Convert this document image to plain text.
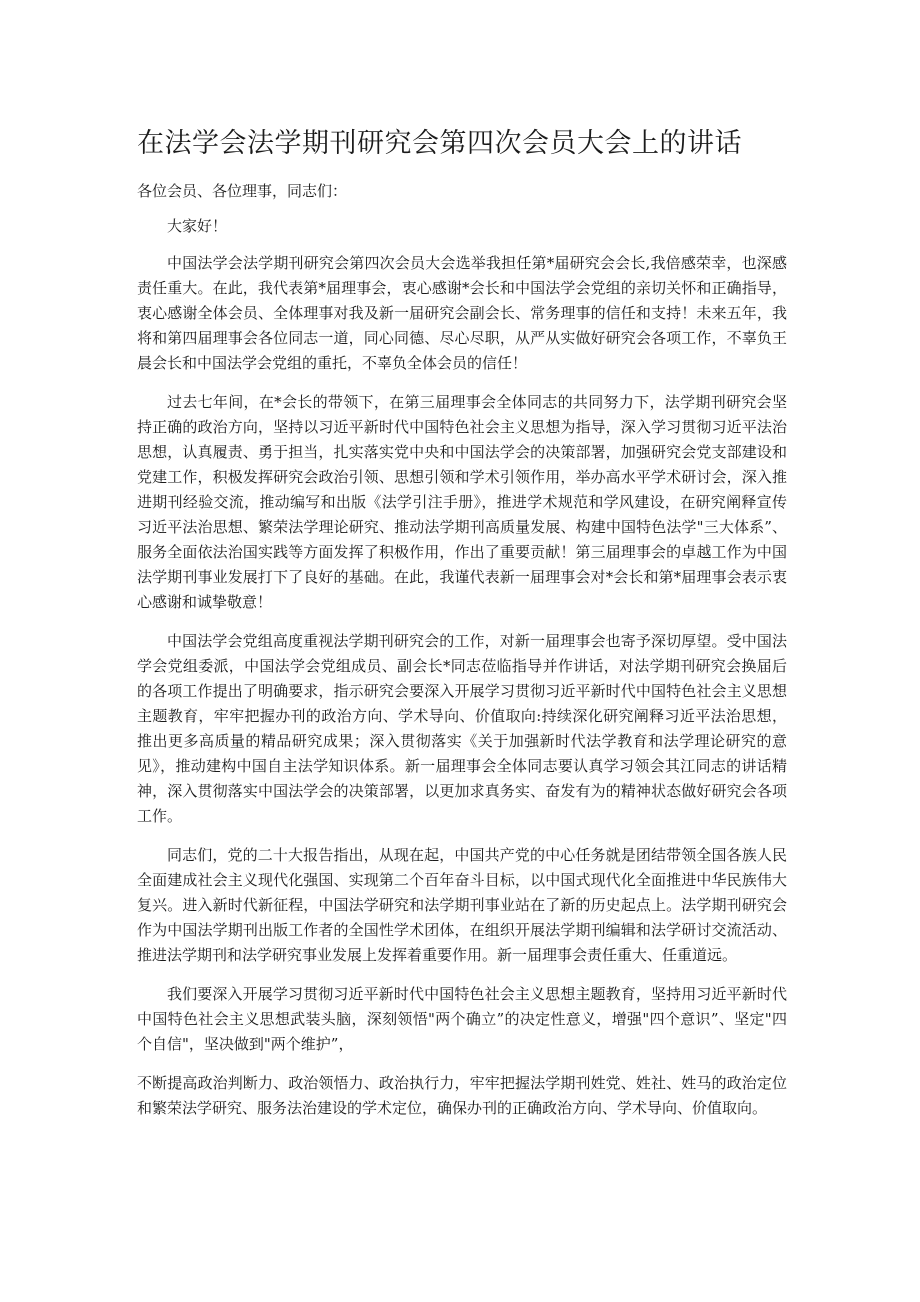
在法学会法学期刊研究会第四次会员大会上的讲话

各位会员、各位理事，同志们：

大家好！

中国法学会法学期刊研究会第四次会员大会选举我担任第*届研究会会长,我倍感荣幸，也深感责任重大。在此，我代表第*届理事会，衷心感谢*会长和中国法学会党组的亲切关怀和正确指导，衷心感谢全体会员、全体理事对我及新一届研究会副会长、常务理事的信任和支持！未来五年，我将和第四届理事会各位同志一道，同心同德、尽心尽职，从严从实做好研究会各项工作，不辜负王晨会长和中国法学会党组的重托，不辜负全体会员的信任！

过去七年间，在*会长的带领下，在第三届理事会全体同志的共同努力下，法学期刊研究会坚持正确的政治方向，坚持以习近平新时代中国特色社会主义思想为指导，深入学习贯彻习近平法治思想，认真履责、勇于担当，扎实落实党中央和中国法学会的决策部署，加强研究会党支部建设和党建工作，积极发挥研究会政治引领、思想引领和学术引领作用，举办高水平学术研讨会，深入推进期刊经验交流，推动编写和出版《法学引注手册》，推进学术规范和学风建设，在研究阐释宣传习近平法治思想、繁荣法学理论研究、推动法学期刊高质量发展、构建中国特色法学"三大体系”、服务全面依法治国实践等方面发挥了积极作用，作出了重要贡献！第三届理事会的卓越工作为中国法学期刊事业发展打下了良好的基础。在此，我谨代表新一届理事会对*会长和第*届理事会表示衷心感谢和诚挚敬意！

中国法学会党组高度重视法学期刊研究会的工作，对新一届理事会也寄予深切厚望。受中国法学会党组委派，中国法学会党组成员、副会长*同志莅临指导并作讲话，对法学期刊研究会换届后的各项工作提出了明确要求，指示研究会要深入开展学习贯彻习近平新时代中国特色社会主义思想主题教育，牢牢把握办刊的政治方向、学术导向、价值取向:持续深化研究阐释习近平法治思想，推出更多高质量的精品研究成果；深入贯彻落实《关于加强新时代法学教育和法学理论研究的意见》，推动建构中国自主法学知识体系。新一届理事会全体同志要认真学习领会其江同志的讲话精神，深入贯彻落实中国法学会的决策部署，以更加求真务实、奋发有为的精神状态做好研究会各项工作。

同志们，党的二十大报告指出，从现在起，中国共产党的中心任务就是团结带领全国各族人民全面建成社会主义现代化强国、实现第二个百年奋斗目标，以中国式现代化全面推进中华民族伟大复兴。进入新时代新征程，中国法学研究和法学期刊事业站在了新的历史起点上。法学期刊研究会作为中国法学期刊出版工作者的全国性学术团体，在组织开展法学期刊编辑和法学研讨交流活动、推进法学期刊和法学研究事业发展上发挥着重要作用。新一届理事会责任重大、任重道远。

我们要深入开展学习贯彻习近平新时代中国特色社会主义思想主题教育，坚持用习近平新时代中国特色社会主义思想武装头脑，深刻领悟"两个确立”的决定性意义，增强"四个意识”、坚定"四个自信"，坚决做到"两个维护”，

不断提高政治判断力、政治领悟力、政治执行力，牢牢把握法学期刊姓党、姓社、姓马的政治定位和繁荣法学研究、服务法治建设的学术定位，确保办刊的正确政治方向、学术导向、价值取向。
